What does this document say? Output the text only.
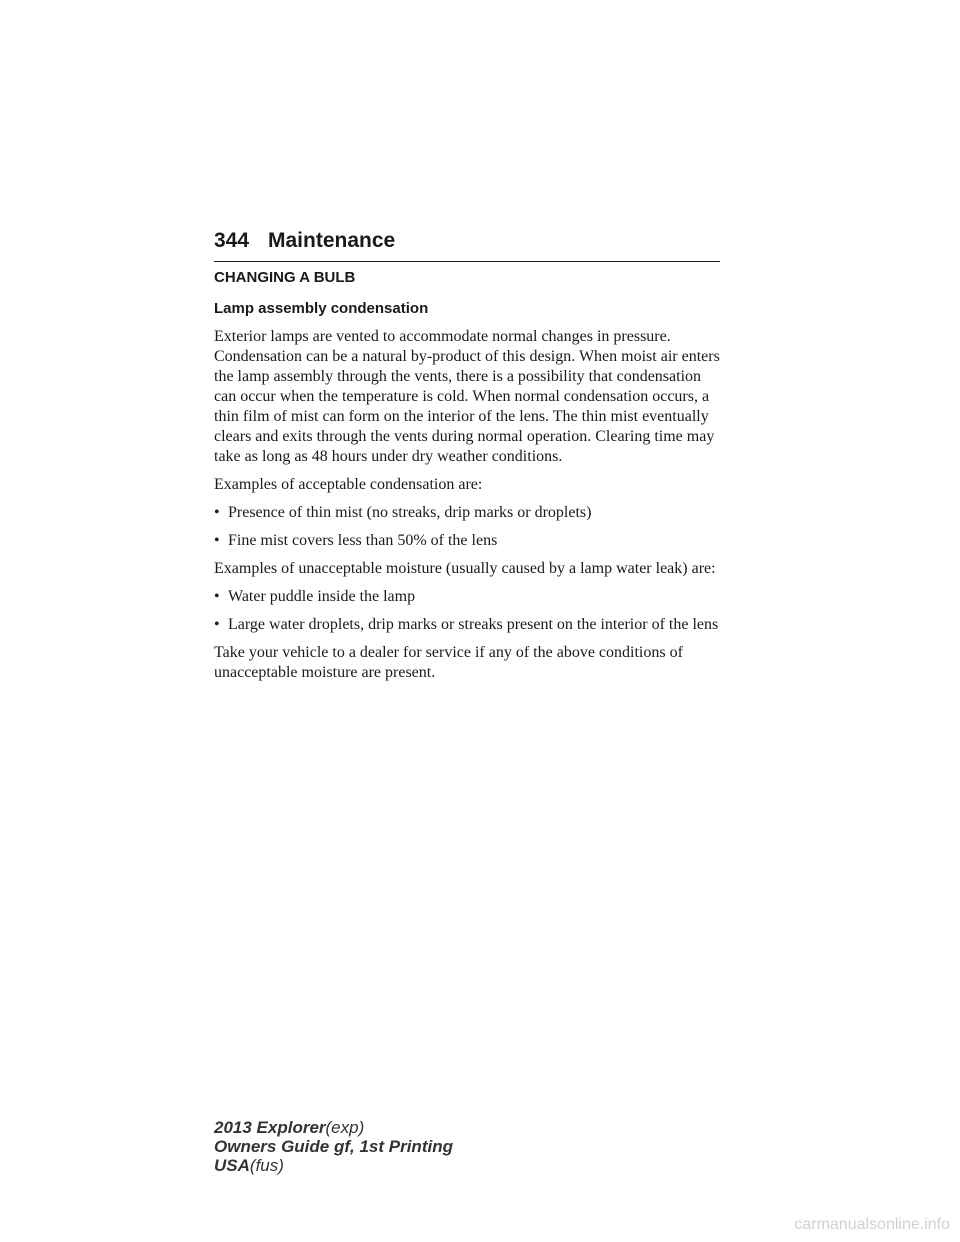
344 Maintenance
CHANGING A BULB
Lamp assembly condensation

Exterior lamps are vented to accommodate normal changes in pressure. Condensation can be a natural by-product of this design. When moist air enters the lamp assembly through the vents, there is a possibility that condensation can occur when the temperature is cold. When normal condensation occurs, a thin film of mist can form on the interior of the lens. The thin mist eventually clears and exits through the vents during normal operation. Clearing time may take as long as 48 hours under dry weather conditions.

Examples of acceptable condensation are:

• Presence of thin mist (no streaks, drip marks or droplets)
• Fine mist covers less than 50% of the lens

Examples of unacceptable moisture (usually caused by a lamp water leak) are:

• Water puddle inside the lamp
• Large water droplets, drip marks or streaks present on the interior of the lens

Take your vehicle to a dealer for service if any of the above conditions of unacceptable moisture are present.

2013 Explorer(exp)
Owners Guide gf, 1st Printing
USA(fus)
carmanualsonline.info
